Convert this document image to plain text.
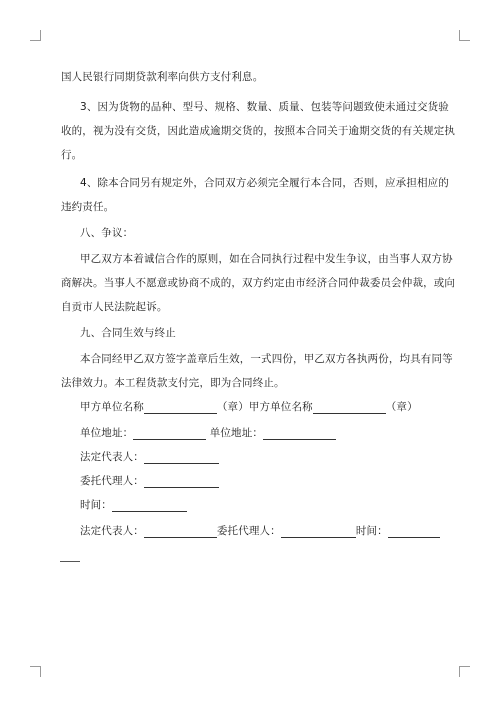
国人民银行同期贷款利率向供方支付利息。
3、因为货物的品种、型号、规格、数量、质量、包装等问题致使未通过交货验
收的，视为没有交货，因此造成逾期交货的，按照本合同关于逾期交货的有关规定执
行。
4、除本合同另有规定外，合同双方必须完全履行本合同，否则，应承担相应的
违约责任。
八、争议：
甲乙双方本着诚信合作的原则，如在合同执行过程中发生争议，由当事人双方协
商解决。当事人不愿意或协商不成的，双方约定由市经济合同仲裁委员会仲裁，或向
自贡市人民法院起诉。
九、合同生效与终止
本合同经甲乙双方签字盖章后生效，一式四份，甲乙双方各执两份，均具有同等
法律效力。本工程货款支付完，即为合同终止。
甲方单位名称	（章）甲方单位名称	（章）
单位地址：	单位地址：
法定代表人：
委托代理人：
时间：
法定代表人：	委托代理人：	时间：
